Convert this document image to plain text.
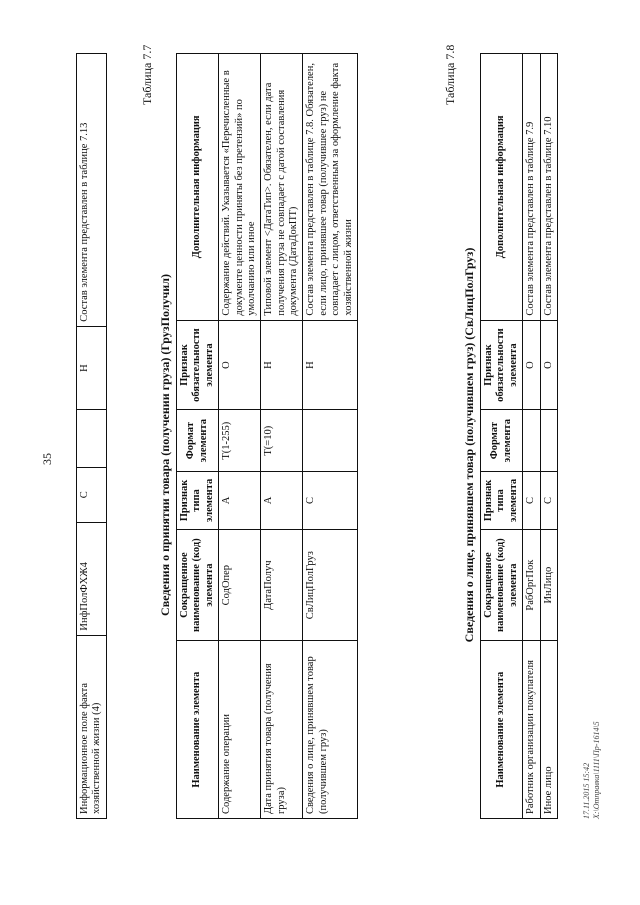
35
Информационное поле факта хозяйственной жизни (4)	ИнфПолФХЖ4	С		Н	Состав элемента представлен в таблице 7.13
Таблица 7.7
Сведения о принятии товара (получении груза) (ГрузПолучил)
Наименование элемента	Сокращенное наименование (код) элемента	Признак типа элемента	Формат элемента	Признак обязательности элемента	Дополнительная информация
Содержание операции	СодОпер	А	Т(1-255)	О	Содержание действий. Указывается «Перечисленные в документе ценности приняты без претензий» по умолчанию или иное
Дата принятия товара (получения груза)	ДатаПолуч	А	Т(=10)	Н	Типовой элемент <ДатаТип>. Обязателен, если дата получения груза не совпадает с датой составления документа (ДатаДокПТ)
Сведения о лице, принявшем товар (получившем груз)	СвЛицПолГруз	С		Н	Состав элемента представлен в таблице 7.8. Обязателен, если лицо, принявшее товар (получившее груз) не совпадает с лицом, ответственным за оформление факта хозяйственной жизни
Таблица 7.8
Сведения о лице, принявшем товар (получившем груз) (СвЛицПолГруз)
Наименование элемента	Сокращенное наименование (код) элемента	Признак типа элемента	Формат элемента	Признак обязательности элемента	Дополнительная информация
Работник организации покупателя	РабОргПок	С		О	Состав элемента представлен в таблице 7.9
Иное лицо	ИнЛицо	С		О	Состав элемента представлен в таблице 7.10
17.11.2015 15:42 X:\Отправка\1111\Пр-1614\5
